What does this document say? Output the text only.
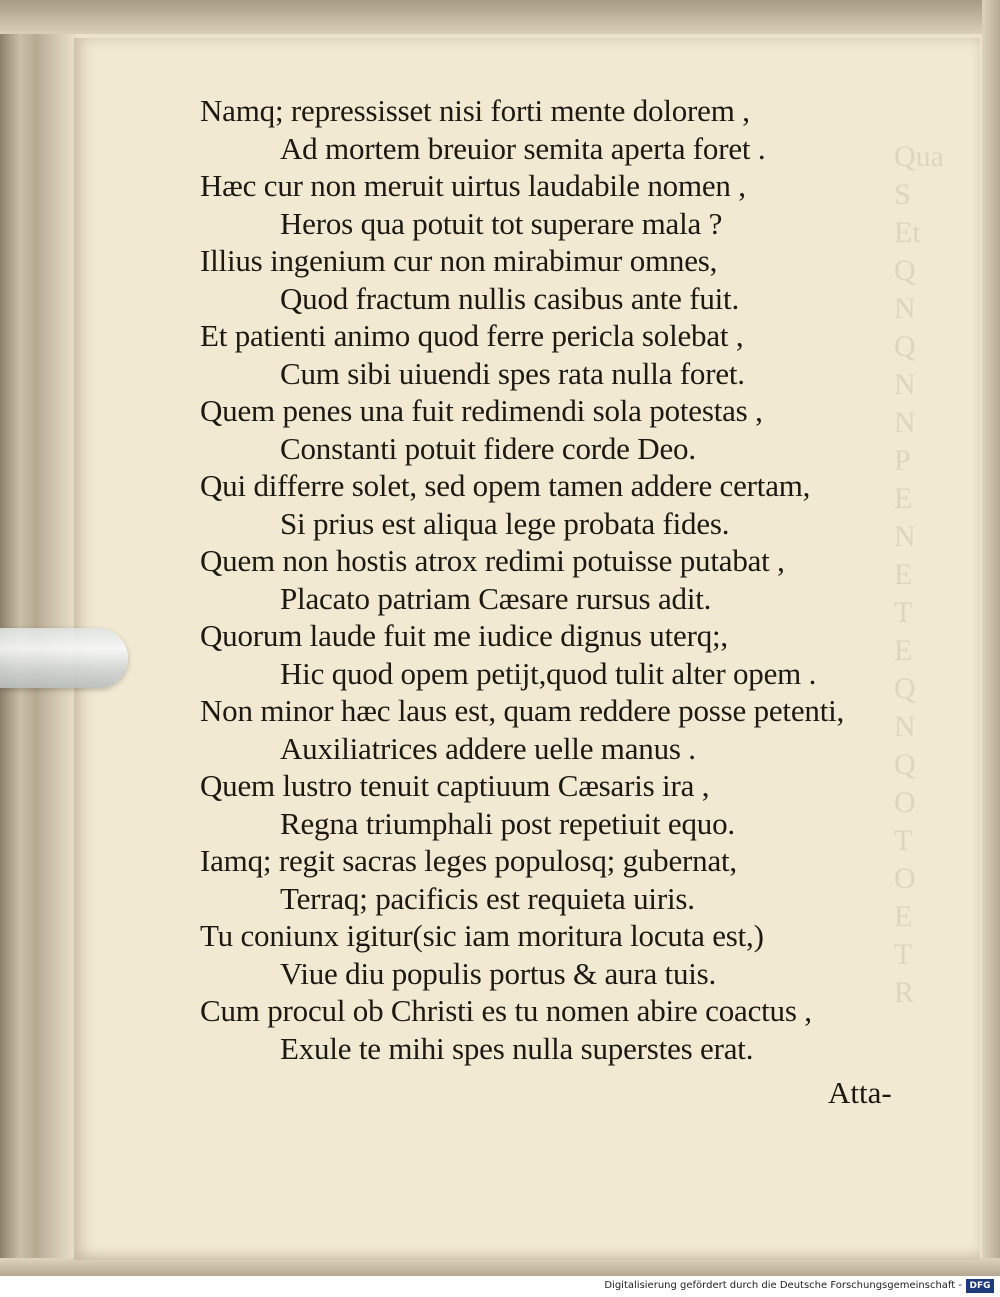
Qua
S
Et
Q
N
Q
N
N
P
E
N
E
T
E
Q
N
Q
O
T
O
E
T
R
Namq; repressisset nisi forti mente dolorem ,
Ad mortem breuior semita aperta foret .
Hæc cur non meruit uirtus laudabile nomen ,
Heros qua potuit tot superare mala ?
Illius ingenium cur non mirabimur omnes,
Quod fractum nullis casibus ante fuit.
Et patienti animo quod ferre pericla solebat ,
Cum sibi uiuendi spes rata nulla foret.
Quem penes una fuit redimendi sola potestas ,
Constanti potuit fidere corde Deo.
Qui differre solet, sed opem tamen addere certam,
Si prius est aliqua lege probata fides.
Quem non hostis atrox redimi potuisse putabat ,
Placato patriam Cæsare rursus adit.
Quorum laude fuit me iudice dignus uterq;,
Hic quod opem petijt,quod tulit alter opem .
Non minor hæc laus est, quam reddere posse petenti,
Auxiliatrices addere uelle manus .
Quem lustro tenuit captiuum Cæsaris ira ,
Regna triumphali post repetiuit equo.
Iamq; regit sacras leges populosq; gubernat,
Terraq; pacificis est requieta uiris.
Tu coniunx igitur(sic iam moritura locuta est,)
Viue diu populis portus & aura tuis.
Cum procul ob Christi es tu nomen abire coactus ,
Exule te mihi spes nulla superstes erat.
Atta-
Digitalisierung gefördert durch die Deutsche Forschungsgemeinschaft - DFG
